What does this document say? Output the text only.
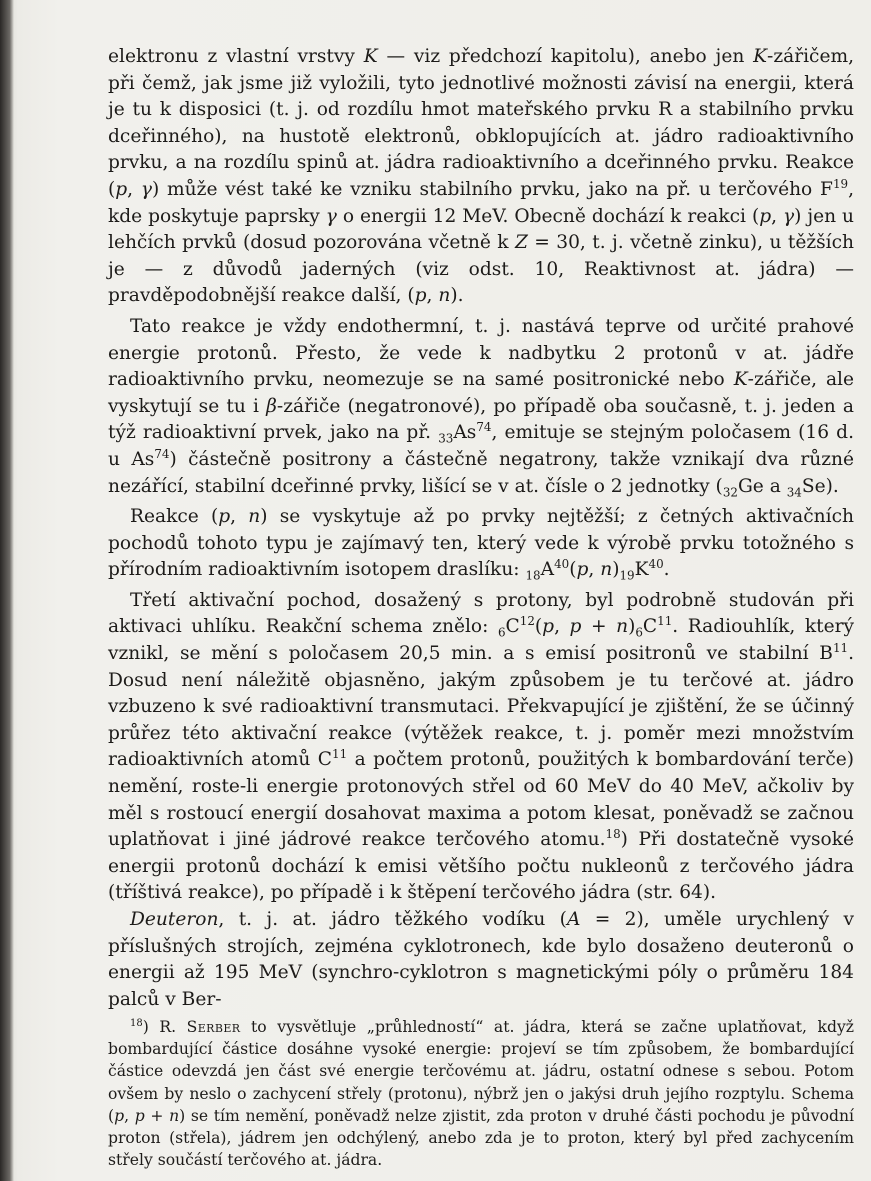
elektronu z vlastní vrstvy K — viz předchozí kapitolu), anebo jen K-zářičem, při čemž, jak jsme již vyložili, tyto jednotlivé možnosti závisí na energii, která je tu k disposici (t. j. od rozdílu hmot mateřského prvku R a stabilního prvku dceřinného), na hustotě elektronů, obklopujících at. jádro radioaktivního prvku, a na rozdílu spinů at. jádra radioaktivního a dceřinného prvku. Reakce (p, γ) může vést také ke vzniku stabilního prvku, jako na př. u terčového $F^{19}$, kde poskytuje paprsky γ o energii 12 MeV. Obecně dochází k reakci (p, γ) jen u lehčích prvků (dosud pozorována včetně k Z = 30, t. j. včetně zinku), u těžších je — z důvodů jaderných (viz odst. 10, Reaktivnost at. jádra) — pravděpodobnější reakce další, (p, n).

Tato reakce je vždy endothermní, t. j. nastává teprve od určité prahové energie protonů. Přesto, že vede k nadbytku 2 protonů v at. jádře radioaktivního prvku, neomezuje se na samé positronické nebo K-zářiče, ale vyskytují se tu i β-zářiče (negatronové), po případě oba současně, t. j. jeden a týž radioaktivní prvek, jako na př. $_{33}As^{74}$, emituje se stejným poločasem (16 d. u As$^{74}$) částečně positrony a částečně negatrony, takže vznikají dva různé nezářící, stabilní dceřinné prvky, lišící se v at. čísle o 2 jednotky ($_{32}Ge$ a $_{34}$Se).

Reakce (p, n) se vyskytuje až po prvky nejtěžší; z četných aktivačních pochodů tohoto typu je zajímavý ten, který vede k výrobě prvku totožného s přírodním radioaktivním isotopem draslíku: $_{18}A^{40}(p$, $n)_{19}K^{40}$.

Třetí aktivační pochod, dosažený s protony, byl podrobně studován při aktivaci uhlíku. Reakční schema znělo: $_6C^{12}(p$, $p + n)_6C^{11}$. Radiouhlík, který vznikl, se mění s poločasem 20,5 min. a s emisí positronů ve stabilní $B^{11}$. Dosud není náležitě objasněno, jakým způsobem je tu terčové at. jádro vzbuzeno k své radioaktivní transmutaci. Překvapující je zjištění, že se účinný průřez této aktivační reakce (výtěžek reakce, t. j. poměr mezi množstvím radioaktivních atomů $C^{11}$ a počtem protonů, použitých k bombardování terče) nemění, roste-li energie protonových střel od 60 MeV do 40 MeV, ačkoliv by měl s rostoucí energií dosahovat maxima a potom klesat, poněvadž se začnou uplatňovat i jiné jádrové reakce terčového atomu.$^{18}$) Při dostatečně vysoké energii protonů dochází k emisi většího počtu nukleonů z terčového jádra (tříštivá reakce), po případě i k štěpení terčového jádra (str. 64).

Deuteron, t. j. at. jádro těžkého vodíku (A = 2), uměle urychlený v příslušných strojích, zejména cyklotronech, kde bylo dosaženo deuteronů o energii až 195 MeV (synchro-cyklotron s magnetickými póly o průměru 184 palců v Ber-

$^{18}$) R. Serber to vysvětluje „průhledností“ at. jádra, která se začne uplatňovat, když bombardující částice dosáhne vysoké energie: projeví se tím způsobem, že bombardující částice odevzdá jen část své energie terčovému at. jádru, ostatní odnese s sebou. Potom ovšem by neslo o zachycení střely (protonu), nýbrž jen o jakýsi druh jejího rozptylu. Schema (p, p + n) se tím nemění, poněvadž nelze zjistit, zda proton v druhé části pochodu je původní proton (střela), jádrem jen odchýlený, anebo zda je to proton, který byl před zachycením střely součástí terčového at. jádra.
